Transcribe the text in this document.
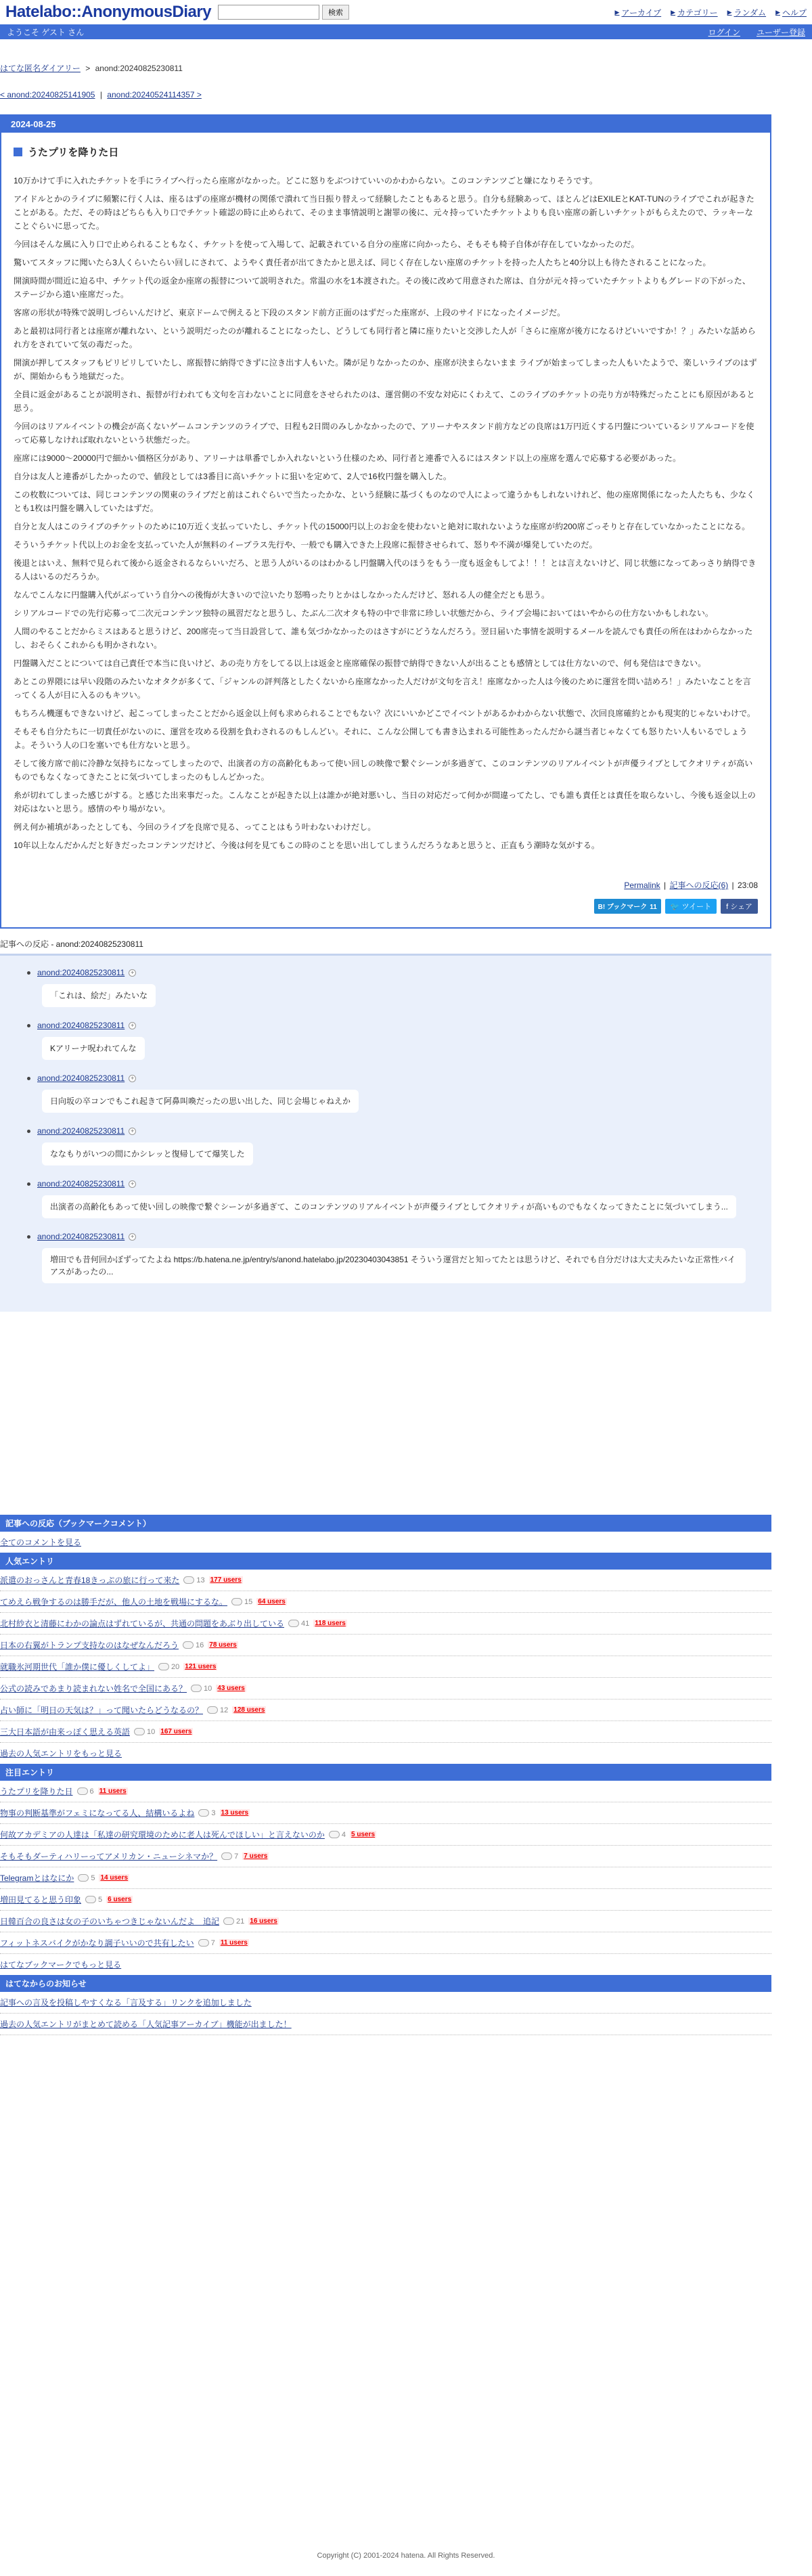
Hatelabo::AnonymousDiary	検索	▶ アーカイブ ▶ カテゴリー ▶ ランダム ▶ ヘルプ
ようこそ ゲスト さん	ログイン ユーザー登録
はてな匿名ダイアリー > anond:20240825230811
< anond:20240825141905 | anond:20240524114357 >
2024-08-25
うたプリを降りた日

10万かけて手に入れたチケットを手にライブへ行ったら座席がなかった。どこに怒りをぶつけていいのかわからない。このコンテンツごと嫌になりそうです。

アイドルとかのライブに頻繁に行く人は、座るはずの座席が機材の関係で潰れて当日振り替えって経験したこともあると思う。自分も経験あって、ほとんどはEXILEとKAT-TUNのライブでこれが起きたことがある。ただ、その時はどちらも入り口でチケット確認の時に止められて、そのまま事情説明と謝罪の後に、元々持っていたチケットよりも良い座席の新しいチケットがもらえたので、ラッキーなことぐらいに思ってた。

今回はそんな風に入り口で止められることもなく、チケットを使って入場して、記載されている自分の座席に向かったら、そもそも椅子自体が存在していなかったのだ。

驚いてスタッフに聞いたら3人くらいたらい回しにされて、ようやく責任者が出てきたかと思えば、同じく存在しない座席のチケットを持った人たちと40分以上も待たされることになった。

開演時間が間近に迫る中、チケット代の返金か座席の振替について説明された。常温の水を1本渡された。その後に改めて用意された席は、自分が元々持っていたチケットよりもグレードの下がった、ステージから遠い座席だった。

客席の形状が特殊で説明しづらいんだけど、東京ドームで例えると下段のスタンド前方正面のはずだった座席が、上段のサイドになったイメージだ。

あと最初は同行者とは座席が離れない、という説明だったのが離れることになったし、どうしても同行者と隣に座りたいと交渉した人が「さらに座席が後方になるけどいいですか！？」みたいな話められ方をされていて気の毒だった。

開演が押してスタッフもピリピリしていたし、席振替に納得できずに泣き出す人もいた。隣が足りなかったのか、座席が決まらないまま ライブが始まってしまった人もいたようで、楽しいライブのはずが、開始からもう地獄だった。

全員に返金があることが説明され、振替が行われても文句を言わないことに同意をさせられたのは、運営側の不安な対応にくわえて、このライブのチケットの売り方が特殊だったことにも原因があると思う。

今回のはリアルイベントの機会が高くないゲームコンテンツのライブで、日程も2日間のみしかなかったので、アリーナやスタンド前方などの良席は1万円近くする円盤についているシリアルコードを使って応募しなければ取れないという状態だった。

座席には9000〜20000円で細かい価格区分があり、アリーナは単番でしか入れないという仕様のため、同行者と連番で入るにはスタンド以上の座席を選んで応募する必要があった。

自分は友人と連番がしたかったので、値段としては3番目に高いチケットに狙いを定めて、2人で16枚円盤を購入した。

この枚数については、同じコンテンツの関東のライブだと前はこれぐらいで当たったかな、という経験に基づくものなので人によって違うかもしれないけれど、他の座席関係になった人たちも、少なくとも1枚は円盤を購入していたはずだ。

自分と友人はこのライブのチケットのために10万近く支払っていたし、チケット代の15000円以上のお金を使わないと絶対に取れないような座席が約200席ごっそりと存在していなかったことになる。

そういうチケット代以上のお金を支払っていた人が無料のイープラス先行や、一般でも購入できた上段席に振替させられて、怒りや不満が爆発していたのだ。

後退とはいえ、無料で見られて後から返金されるならいいだろ、と思う人がいるのはわかるし円盤購入代のほうをもう一度も返金もしてよ！！！とは言えないけど、同じ状態になってあっさり納得できる人はいるのだろうか。

なんでこんなに円盤購入代がぶっていう自分への後悔が大きいので泣いたり怒鳴ったりとかはしなかったんだけど、怒れる人の健全だとも思う。

シリアルコードでの先行応募って二次元コンテンツ独特の風習だなと思うし、たぶん二次オタも特の中で非常に珍しい状態だから、ライブ会場においてはいやからの仕方ないかもしれない。

人間のやることだからミスはあると思うけど、200席売って当日設営して、誰も気づかなかったのはさすがにどうなんだろう。翌日届いた事情を説明するメールを読んでも責任の所在はわからなかったし、おそらくこれからも明かされない。

円盤購入だことについては自己責任で本当に良いけど、あの売り方をしてる以上は返金と座席確保の振替で納得できない人が出ることも感情としては仕方ないので、何も発信はできない。

あとこの界隈には早い段階のみたいなオタクが多くて、「ジャンルの評判落としたくないから座席なかった人だけが文句を言え！座席なかった人は今後のために運営を問い詰めろ！」みたいなことを言ってくる人が目に入るのもキツい。

もちろん機運もできないけど、起こってしまったことだから返金以上何も求められることでもない？次にいいかどこでイベントがあるかわからない状態で、次回良席確約とかも現実的じゃないわけで。

そもそも自分たちに一切責任がないのに、運営を攻める役割を負わされるのもしんどい。それに、こんな公開しても書き込まれる可能性あったんだから謎当者じゃなくても怒りたい人もいるでしょうよ。そういう人の口を塞いでも仕方ないと思う。

そして後方席で前に冷静な気持ちになってしまったので、出演者の方の高齢化もあって使い回しの映像で繋ぐシーンが多過ぎて、このコンテンツのリアルイベントが声優ライブとしてクオリティが高いものでもなくなってきたことに気づいてしまったのもしんどかった。

糸が切れてしまった感じがする。と感じた出来事だった。こんなことが起きた以上は誰かが絶対悪いし、当日の対応だって何かが間違ってたし、でも誰も責任とは責任を取らないし、今後も返金以上の対応はないと思う。感情のやり場がない。

例え何か補填があったとしても、今回のライブを良席で見る、ってことはもう叶わないわけだし。

10年以上なんだかんだと好きだったコンテンツだけど、今後は何を見てもこの時のことを思い出してしまうんだろうなあと思うと、正直もう潮時な気がする。

Permalink | 記事への反応(6) | 23:08
B! ブックマーク 11	🐦 ツイート	f シェア
記事への反応 - anond:20240825230811
anond:20240825230811 +
「これは、絵だ」みたいな
anond:20240825230811 +
Kアリーナ呪われてんな
anond:20240825230811 +
日向坂の卒コンでもこれ起きて阿鼻叫喚だったの思い出した、同じ会場じゃねえか
anond:20240825230811 +
ななもりがいつの間にかシレッと復帰してて爆笑した
anond:20240825230811 +
出演者の高齢化もあって使い回しの映像で繋ぐシーンが多過ぎて、このコンテンツのリアルイベントが声優ライブとしてクオリティが高いものでもなくなってきたことに気づいてしまう...
anond:20240825230811 +
増田でも昔何回かぼずってたよね https://b.hatena.ne.jp/entry/s/anond.hatelabo.jp/20230403043851 そういう運営だと知ってたとは思うけど、それでも自分だけは大丈夫みたいな正常性バイアスがあったの...
記事への反応（ブックマークコメント）
全てのコメントを見る
人気エントリ
派遣のおっさんと青春18きっぷの旅に行って来た 13 177 users
てめえら戦争するのは勝手だが、他人の土地を戦場にするな。 15 64 users
北村紗衣と清藤にわかの論点はずれているが、共通の問題をあぶり出している 41 118 users
日本の右翼がトランプ支持なのはなぜなんだろう 16 78 users
就職氷河期世代「誰か僕に優しくしてよ」 20 121 users
公式の読みであまり読まれない姓名で全国にある？ 10 43 users
占い師に「明日の天気は？」って聞いたらどうなるの？ 12 128 users
三大日本語が由来っぽく思える英語 10 167 users
過去の人気エントリをもっと見る
注目エントリ
うたプリを降りた日 6 11 users
物事の判断基準がフェミになってる人、結構いるよね 3 13 users
何故アカデミアの人達は「私達の研究環境のために老人は死んでほしい」と言えないのか 4 5 users
そもそもダーティハリーってアメリカン・ニューシネマか？ 7 7 users
Telegramとはなにか 5 14 users
増田見てると思う印象 5 6 users
日韓百合の良さは女の子のいちゃつきじゃないんだよ　追記 21 16 users
フィットネスバイクがかなり調子いいので共有したい 7 11 users
はてなブックマークでもっと見る
はてなからのお知らせ
記事への言及を投稿しやすくなる「言及する」リンクを追加しました
過去の人気エントリがまとめて読める「人気記事アーカイブ」機能が出ました！
Copyright (C) 2001-2024 hatena. All Rights Reserved.
